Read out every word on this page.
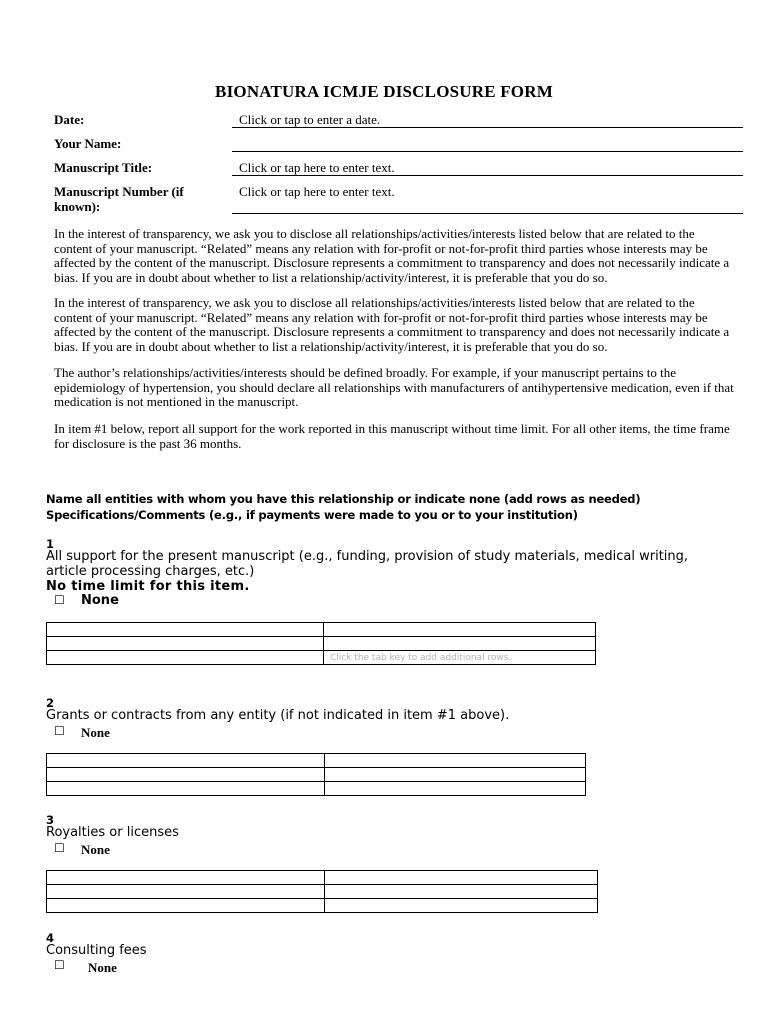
BIONATURA ICMJE DISCLOSURE FORM
Date:	Click or tap to enter a date.
Your Name:
Manuscript Title:	Click or tap here to enter text.
Manuscript Number (if known):
Click or tap here to enter text.
In the interest of transparency, we ask you to disclose all relationships/activities/interests listed below that are related to the content of your manuscript. “Related” means any relation with for-profit or not-for-profit third parties whose interests may be affected by the content of the manuscript. Disclosure represents a commitment to transparency and does not necessarily indicate a bias. If you are in doubt about whether to list a relationship/activity/interest, it is preferable that you do so.
In the interest of transparency, we ask you to disclose all relationships/activities/interests listed below that are related to the content of your manuscript. “Related” means any relation with for-profit or not-for-profit third parties whose interests may be affected by the content of the manuscript. Disclosure represents a commitment to transparency and does not necessarily indicate a bias. If you are in doubt about whether to list a relationship/activity/interest, it is preferable that you do so.
The author’s relationships/activities/interests should be defined broadly. For example, if your manuscript pertains to the epidemiology of hypertension, you should declare all relationships with manufacturers of antihypertensive medication, even if that medication is not mentioned in the manuscript.
In item #1 below, report all support for the work reported in this manuscript without time limit. For all other items, the time frame for disclosure is the past 36 months.
Name all entities with whom you have this relationship or indicate none (add rows as needed)
Specifications/Comments (e.g., if payments were made to you or to your institution)
1
All support for the present manuscript (e.g., funding, provision of study materials, medical writing, article processing charges, etc.)
No time limit for this item.
☐ None

	Click the tab key to add additional rows.
2
Grants or contracts from any entity (if not indicated in item #1 above).
☐ None

3
Royalties or licenses
☐ None

4
Consulting fees
☐ None
